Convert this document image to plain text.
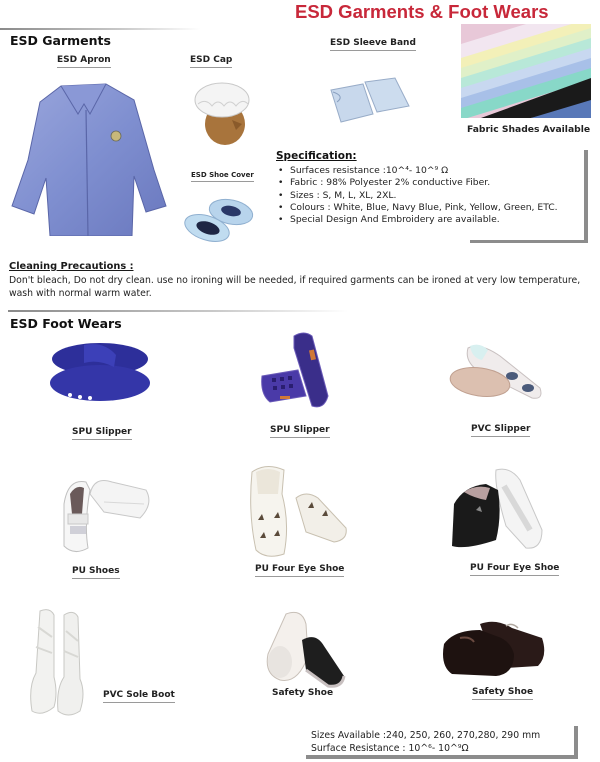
ESD Garments & Foot Wears
ESD Garments
ESD Apron	ESD Cap
ESD Sleeve Band
ESD Shoe Cover
Fabric Shades Available
Specification:
• Surfaces resistance :10^⁴- 10^⁹ Ω
• Fabric : 98% Polyester 2% conductive Fiber.
• Sizes : S, M, L, XL, 2XL.
• Colours : White, Blue, Navy Blue, Pink, Yellow, Green, ETC.
• Special Design And Embroidery are available.
Cleaning Precautions :
Don't bleach, Do not dry clean. use no ironing will be needed, if required garments can be ironed at very low temperature, wash with normal warm water.
ESD Foot Wears
SPU Slipper	SPU Slipper	PVC Slipper
PU Shoes	PU Four Eye Shoe	PU Four Eye Shoe
PVC Sole Boot	Safety Shoe	Safety Shoe
Sizes Available :240, 250, 260, 270,280, 290 mm
Surface Resistance : 10^⁶- 10^⁹Ω
